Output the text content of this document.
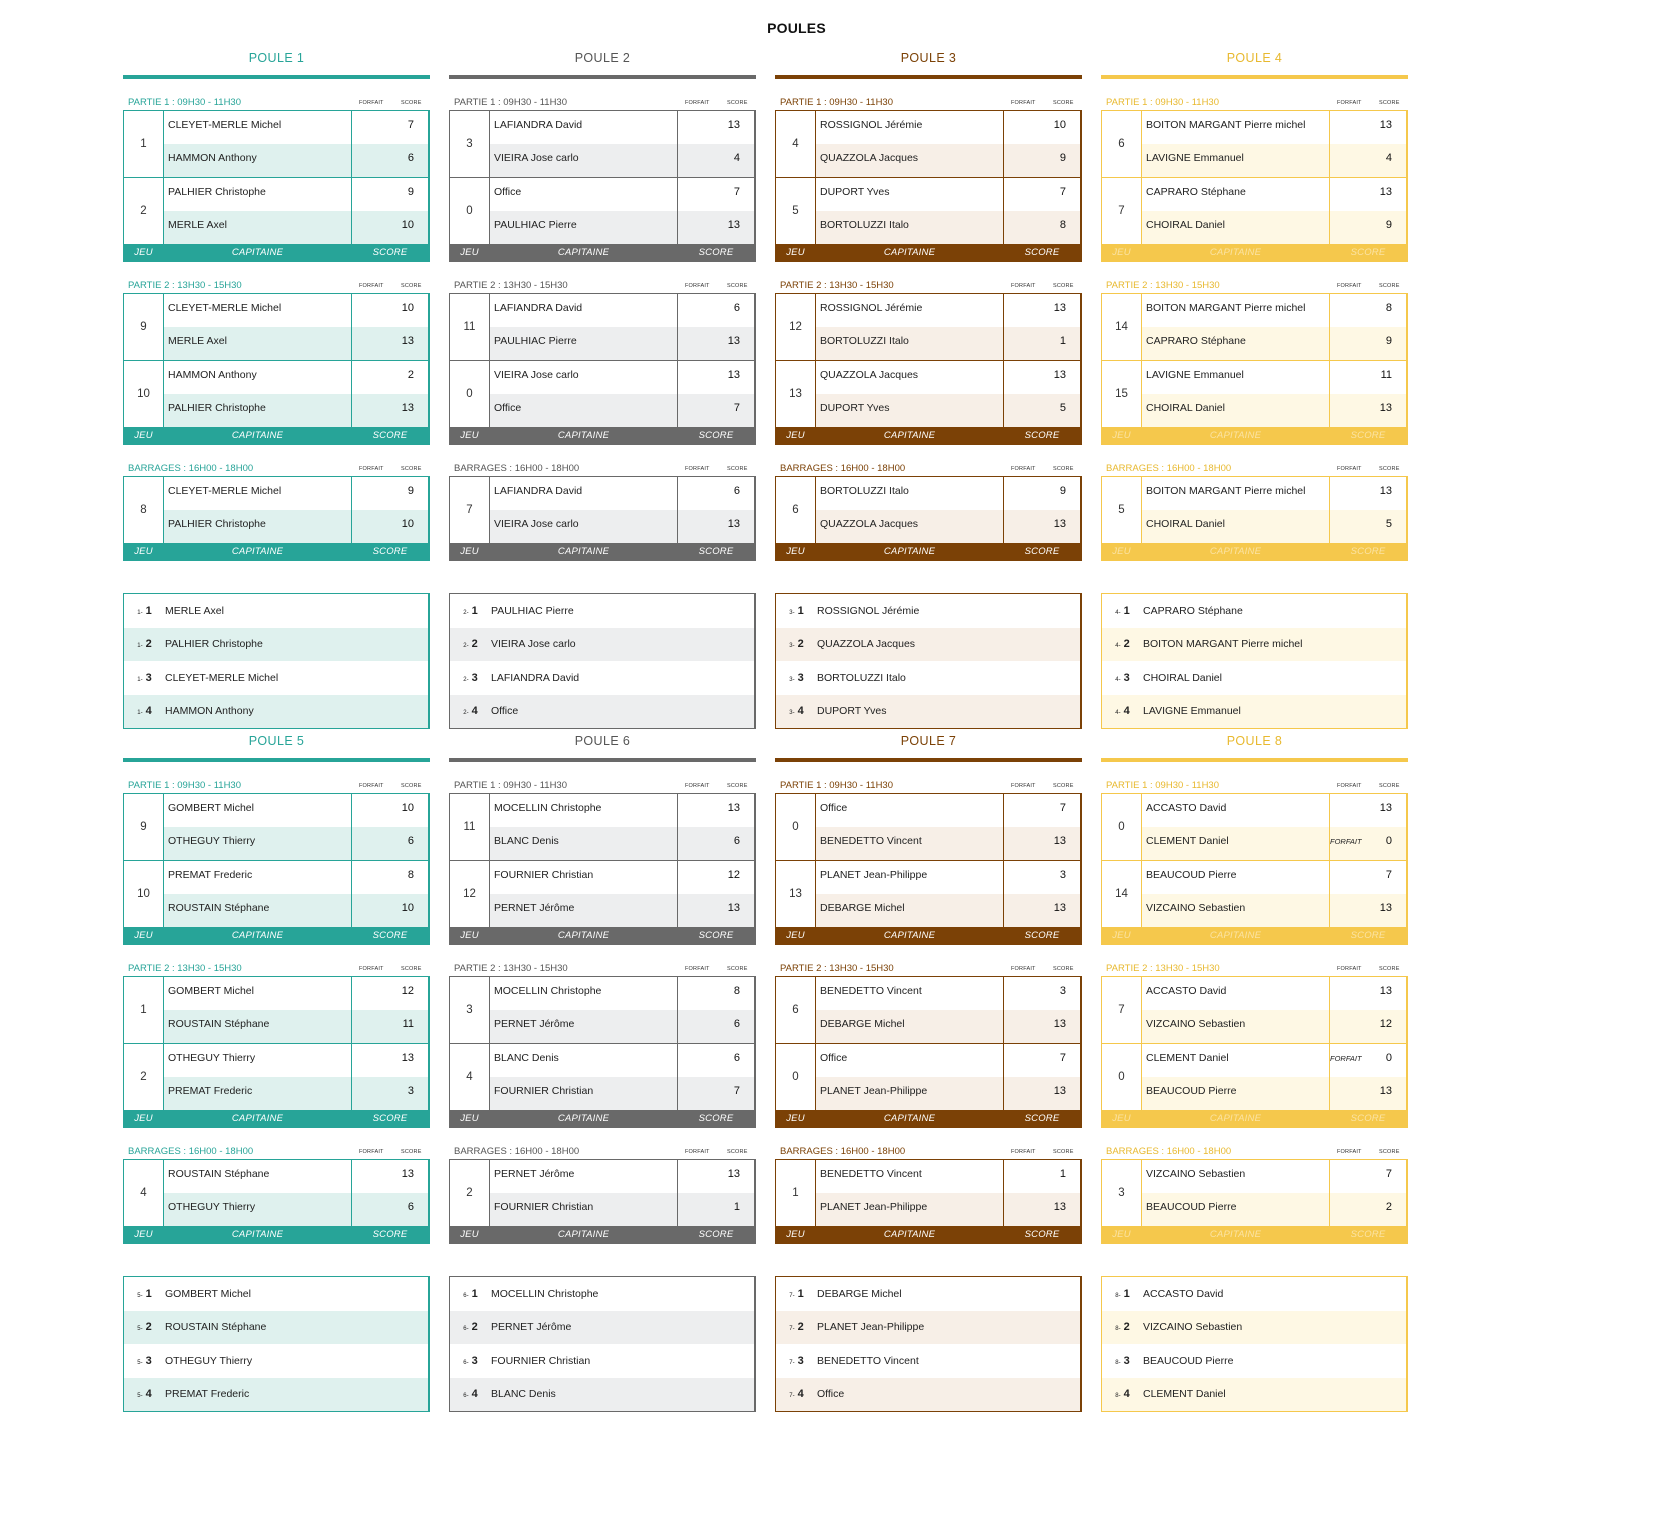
POULES
POULE 1
PARTIE 1 : 09H30 - 11H30	FORFAIT	SCORE
1
CLEYET-MERLE Michel	7
HAMMON Anthony	6
2
PALHIER Christophe	9
MERLE Axel	10
JEU	CAPITAINE	SCORE
PARTIE 2 : 13H30 - 15H30	FORFAIT	SCORE
9
CLEYET-MERLE Michel	10
MERLE Axel	13
10
HAMMON Anthony	2
PALHIER Christophe	13
JEU	CAPITAINE	SCORE
BARRAGES : 16H00 - 18H00	FORFAIT	SCORE
8
CLEYET-MERLE Michel	9
PALHIER Christophe	10
JEU	CAPITAINE	SCORE
1- 1	MERLE Axel
1- 2	PALHIER Christophe
1- 3	CLEYET-MERLE Michel
1- 4	HAMMON Anthony
POULE 2
PARTIE 1 : 09H30 - 11H30	FORFAIT	SCORE
3
LAFIANDRA David	13
VIEIRA Jose carlo	4
0
Office	7
PAULHIAC Pierre	13
JEU	CAPITAINE	SCORE
PARTIE 2 : 13H30 - 15H30	FORFAIT	SCORE
11
LAFIANDRA David	6
PAULHIAC Pierre	13
0
VIEIRA Jose carlo	13
Office	7
JEU	CAPITAINE	SCORE
BARRAGES : 16H00 - 18H00	FORFAIT	SCORE
7
LAFIANDRA David	6
VIEIRA Jose carlo	13
JEU	CAPITAINE	SCORE
2- 1	PAULHIAC Pierre
2- 2	VIEIRA Jose carlo
2- 3	LAFIANDRA David
2- 4	Office
POULE 3
PARTIE 1 : 09H30 - 11H30	FORFAIT	SCORE
4
ROSSIGNOL Jérémie	10
QUAZZOLA Jacques	9
5
DUPORT Yves	7
BORTOLUZZI Italo	8
JEU	CAPITAINE	SCORE
PARTIE 2 : 13H30 - 15H30	FORFAIT	SCORE
12
ROSSIGNOL Jérémie	13
BORTOLUZZI Italo	1
13
QUAZZOLA Jacques	13
DUPORT Yves	5
JEU	CAPITAINE	SCORE
BARRAGES : 16H00 - 18H00	FORFAIT	SCORE
6
BORTOLUZZI Italo	9
QUAZZOLA Jacques	13
JEU	CAPITAINE	SCORE
3- 1	ROSSIGNOL Jérémie
3- 2	QUAZZOLA Jacques
3- 3	BORTOLUZZI Italo
3- 4	DUPORT Yves
POULE 4
PARTIE 1 : 09H30 - 11H30	FORFAIT	SCORE
6
BOITON MARGANT Pierre michel	13
LAVIGNE Emmanuel	4
7
CAPRARO Stéphane	13
CHOIRAL Daniel	9
JEU	CAPITAINE	SCORE
PARTIE 2 : 13H30 - 15H30	FORFAIT	SCORE
14
BOITON MARGANT Pierre michel	8
CAPRARO Stéphane	9
15
LAVIGNE Emmanuel	11
CHOIRAL Daniel	13
JEU	CAPITAINE	SCORE
BARRAGES : 16H00 - 18H00	FORFAIT	SCORE
5
BOITON MARGANT Pierre michel	13
CHOIRAL Daniel	5
JEU	CAPITAINE	SCORE
4- 1	CAPRARO Stéphane
4- 2	BOITON MARGANT Pierre michel
4- 3	CHOIRAL Daniel
4- 4	LAVIGNE Emmanuel
POULE 5
PARTIE 1 : 09H30 - 11H30	FORFAIT	SCORE
9
GOMBERT Michel	10
OTHEGUY Thierry	6
10
PREMAT Frederic	8
ROUSTAIN Stéphane	10
JEU	CAPITAINE	SCORE
PARTIE 2 : 13H30 - 15H30	FORFAIT	SCORE
1
GOMBERT Michel	12
ROUSTAIN Stéphane	11
2
OTHEGUY Thierry	13
PREMAT Frederic	3
JEU	CAPITAINE	SCORE
BARRAGES : 16H00 - 18H00	FORFAIT	SCORE
4
ROUSTAIN Stéphane	13
OTHEGUY Thierry	6
JEU	CAPITAINE	SCORE
5- 1	GOMBERT Michel
5- 2	ROUSTAIN Stéphane
5- 3	OTHEGUY Thierry
5- 4	PREMAT Frederic
POULE 6
PARTIE 1 : 09H30 - 11H30	FORFAIT	SCORE
11
MOCELLIN Christophe	13
BLANC Denis	6
12
FOURNIER Christian	12
PERNET Jérôme	13
JEU	CAPITAINE	SCORE
PARTIE 2 : 13H30 - 15H30	FORFAIT	SCORE
3
MOCELLIN Christophe	8
PERNET Jérôme	6
4
BLANC Denis	6
FOURNIER Christian	7
JEU	CAPITAINE	SCORE
BARRAGES : 16H00 - 18H00	FORFAIT	SCORE
2
PERNET Jérôme	13
FOURNIER Christian	1
JEU	CAPITAINE	SCORE
6- 1	MOCELLIN Christophe
6- 2	PERNET Jérôme
6- 3	FOURNIER Christian
6- 4	BLANC Denis
POULE 7
PARTIE 1 : 09H30 - 11H30	FORFAIT	SCORE
0
Office	7
BENEDETTO Vincent	13
13
PLANET Jean-Philippe	3
DEBARGE Michel	13
JEU	CAPITAINE	SCORE
PARTIE 2 : 13H30 - 15H30	FORFAIT	SCORE
6
BENEDETTO Vincent	3
DEBARGE Michel	13
0
Office	7
PLANET Jean-Philippe	13
JEU	CAPITAINE	SCORE
BARRAGES : 16H00 - 18H00	FORFAIT	SCORE
1
BENEDETTO Vincent	1
PLANET Jean-Philippe	13
JEU	CAPITAINE	SCORE
7- 1	DEBARGE Michel
7- 2	PLANET Jean-Philippe
7- 3	BENEDETTO Vincent
7- 4	Office
POULE 8
PARTIE 1 : 09H30 - 11H30	FORFAIT	SCORE
0
ACCASTO David	13
CLEMENT Daniel	FORFAIT 0
14
BEAUCOUD Pierre	7
VIZCAINO Sebastien	13
JEU	CAPITAINE	SCORE
PARTIE 2 : 13H30 - 15H30	FORFAIT	SCORE
7
ACCASTO David	13
VIZCAINO Sebastien	12
0
CLEMENT Daniel	FORFAIT 0
BEAUCOUD Pierre	13
JEU	CAPITAINE	SCORE
BARRAGES : 16H00 - 18H00	FORFAIT	SCORE
3
VIZCAINO Sebastien	7
BEAUCOUD Pierre	2
JEU	CAPITAINE	SCORE
8- 1	ACCASTO David
8- 2	VIZCAINO Sebastien
8- 3	BEAUCOUD Pierre
8- 4	CLEMENT Daniel
